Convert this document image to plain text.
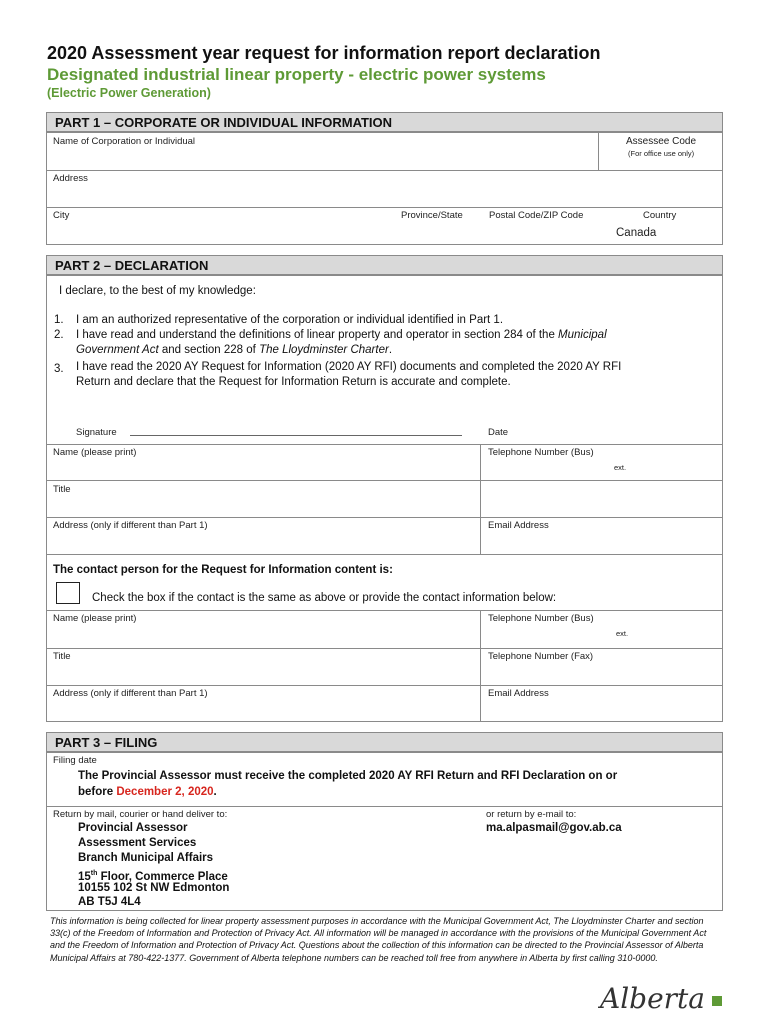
2020 Assessment year request for information report declaration
Designated industrial linear property - electric power systems
(Electric Power Generation)
PART 1 – CORPORATE OR INDIVIDUAL INFORMATION
Name of Corporation or Individual	Assessee Code
(For office use only)
Address
City	Province/State	Postal Code/ZIP Code	Country
Canada
PART 2 – DECLARATION
I declare, to the best of my knowledge:
1. I am an authorized representative of the corporation or individual identified in Part 1.
2. I have read and understand the definitions of linear property and operator in section 284 of the Municipal
Government Act and section 228 of The Lloydminster Charter.
3. I have read the 2020 AY Request for Information (2020 AY RFI) documents and completed the 2020 AY RFI
Return and declare that the Request for Information Return is accurate and complete.
Signature	Date
Name (please print)	Telephone Number (Bus)
ext.
Title
Address (only if different than Part 1)	Email Address
The contact person for the Request for Information content is:
Check the box if the contact is the same as above or provide the contact information below:
Name (please print)	Telephone Number (Bus)
ext.
Title	Telephone Number (Fax)
Address (only if different than Part 1)	Email Address
PART 3 – FILING
Filing date
The Provincial Assessor must receive the completed 2020 AY RFI Return and RFI Declaration on or
before December 2, 2020.
Return by mail, courier or hand deliver to:
Provincial Assessor
Assessment Services
Branch Municipal Affairs
15th Floor, Commerce Place
10155 102 St NW Edmonton
AB T5J 4L4
or return by e-mail to:
ma.alpasmail@gov.ab.ca
This information is being collected for linear property assessment purposes in accordance with the Municipal Government Act, The Lloydminster Charter and section 33(c) of the Freedom of Information and Protection of Privacy Act. All information will be managed in accordance with the provisions of the Municipal Government Act and the Freedom of Information and Protection of Privacy Act. Questions about the collection of this information can be directed to the Provincial Assessor of Alberta Municipal Affairs at 780-422-1377. Government of Alberta telephone numbers can be reached toll free from anywhere in Alberta by first calling 310-0000.
Alberta
